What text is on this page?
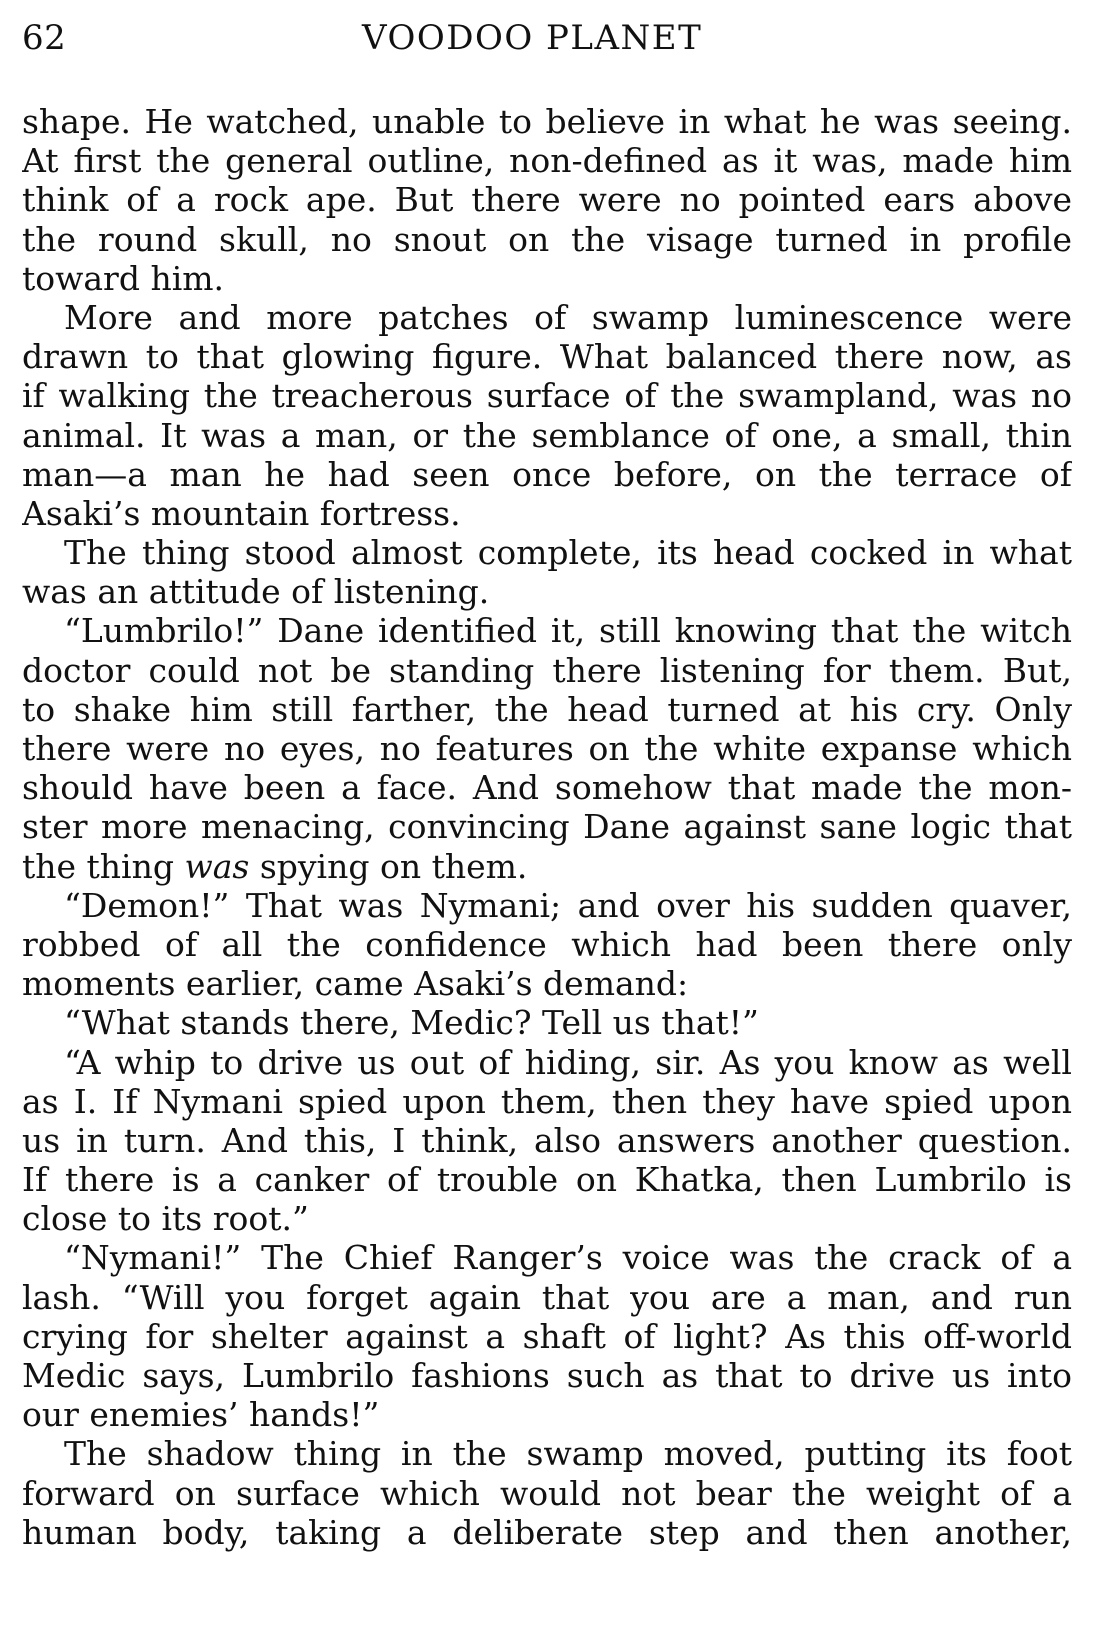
62	VOODOO PLANET
shape. He watched, unable to believe in what he was seeing.
At first the general outline, non-defined as it was, made him
think of a rock ape. But there were no pointed ears above
the round skull, no snout on the visage turned in profile
toward him.
More and more patches of swamp luminescence were
drawn to that glowing figure. What balanced there now, as
if walking the treacherous surface of the swampland, was no
animal. It was a man, or the semblance of one, a small, thin
man—a man he had seen once before, on the terrace of
Asaki’s mountain fortress.
The thing stood almost complete, its head cocked in what
was an attitude of listening.
“Lumbrilo!” Dane identified it, still knowing that the witch
doctor could not be standing there listening for them. But,
to shake him still farther, the head turned at his cry. Only
there were no eyes, no features on the white expanse which
should have been a face. And somehow that made the mon-
ster more menacing, convincing Dane against sane logic that
the thing was spying on them.
“Demon!” That was Nymani; and over his sudden quaver,
robbed of all the confidence which had been there only
moments earlier, came Asaki’s demand:
“What stands there, Medic? Tell us that!”
“A whip to drive us out of hiding, sir. As you know as well
as I. If Nymani spied upon them, then they have spied upon
us in turn. And this, I think, also answers another question.
If there is a canker of trouble on Khatka, then Lumbrilo is
close to its root.”
“Nymani!” The Chief Ranger’s voice was the crack of a
lash. “Will you forget again that you are a man, and run
crying for shelter against a shaft of light? As this off-world
Medic says, Lumbrilo fashions such as that to drive us into
our enemies’ hands!”
The shadow thing in the swamp moved, putting its foot
forward on surface which would not bear the weight of a
human body, taking a deliberate step and then another,
